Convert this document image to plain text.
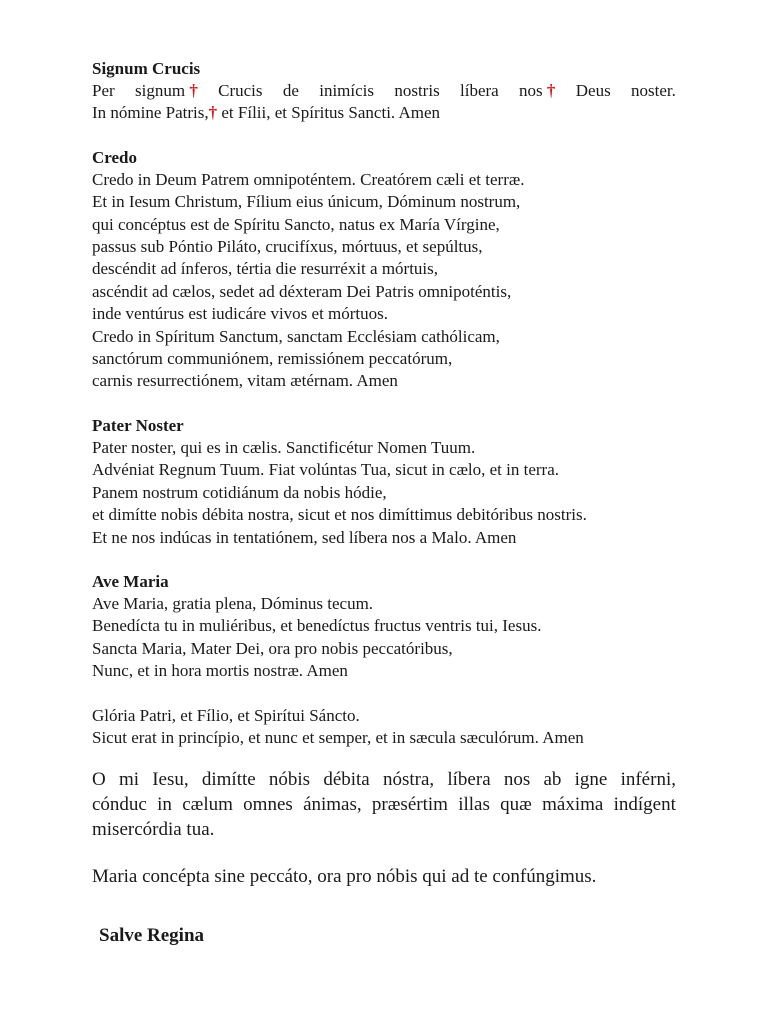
Signum Crucis

Per signum † Crucis de inimícis nostris líbera nos † Deus noster.

In nómine Patris,† et Fílii, et Spíritus Sancti. Amen

Credo

Credo in Deum Patrem omnipoténtem. Creatórem cæli et terræ.

Et in Iesum Christum, Fílium eius únicum, Dóminum nostrum,

qui concéptus est de Spíritu Sancto, natus ex María Vírgine,

passus sub Póntio Piláto, crucifíxus, mórtuus, et sepúltus,

descéndit ad ínferos, tértia die resurréxit a mórtuis,

ascéndit ad cælos, sedet ad déxteram Dei Patris omnipoténtis,

inde ventúrus est iudicáre vivos et mórtuos.

Credo in Spíritum Sanctum, sanctam Ecclésiam cathólicam,

sanctórum communiónem, remissiónem peccatórum,

carnis resurrectiónem, vitam ætérnam. Amen

Pater Noster

Pater noster, qui es in cælis. Sanctificétur Nomen Tuum.

Advéniat Regnum Tuum. Fiat volúntas Tua, sicut in cælo, et in terra.

Panem nostrum cotidiánum da nobis hódie,

et dimítte nobis débita nostra, sicut et nos dimíttimus debitóribus nostris.

Et ne nos indúcas in tentatiónem, sed líbera nos a Malo. Amen

Ave Maria

Ave Maria, gratia plena, Dóminus tecum.

Benedícta tu in muliéribus, et benedíctus fructus ventris tui, Iesus.

Sancta Maria, Mater Dei, ora pro nobis peccatóribus,

Nunc, et in hora mortis nostræ. Amen

Glória Patri, et Fílio, et Spirítui Sáncto.

Sicut erat in princípio, et nunc et semper, et in sæcula sæculórum. Amen

O mi Iesu, dimítte nóbis débita nóstra, líbera nos ab igne inférni,

cónduc in cælum omnes ánimas, præsértim illas quæ máxima indígent

misercórdia tua.

Maria concépta sine peccáto, ora pro nóbis qui ad te confúngimus.

Salve Regina
